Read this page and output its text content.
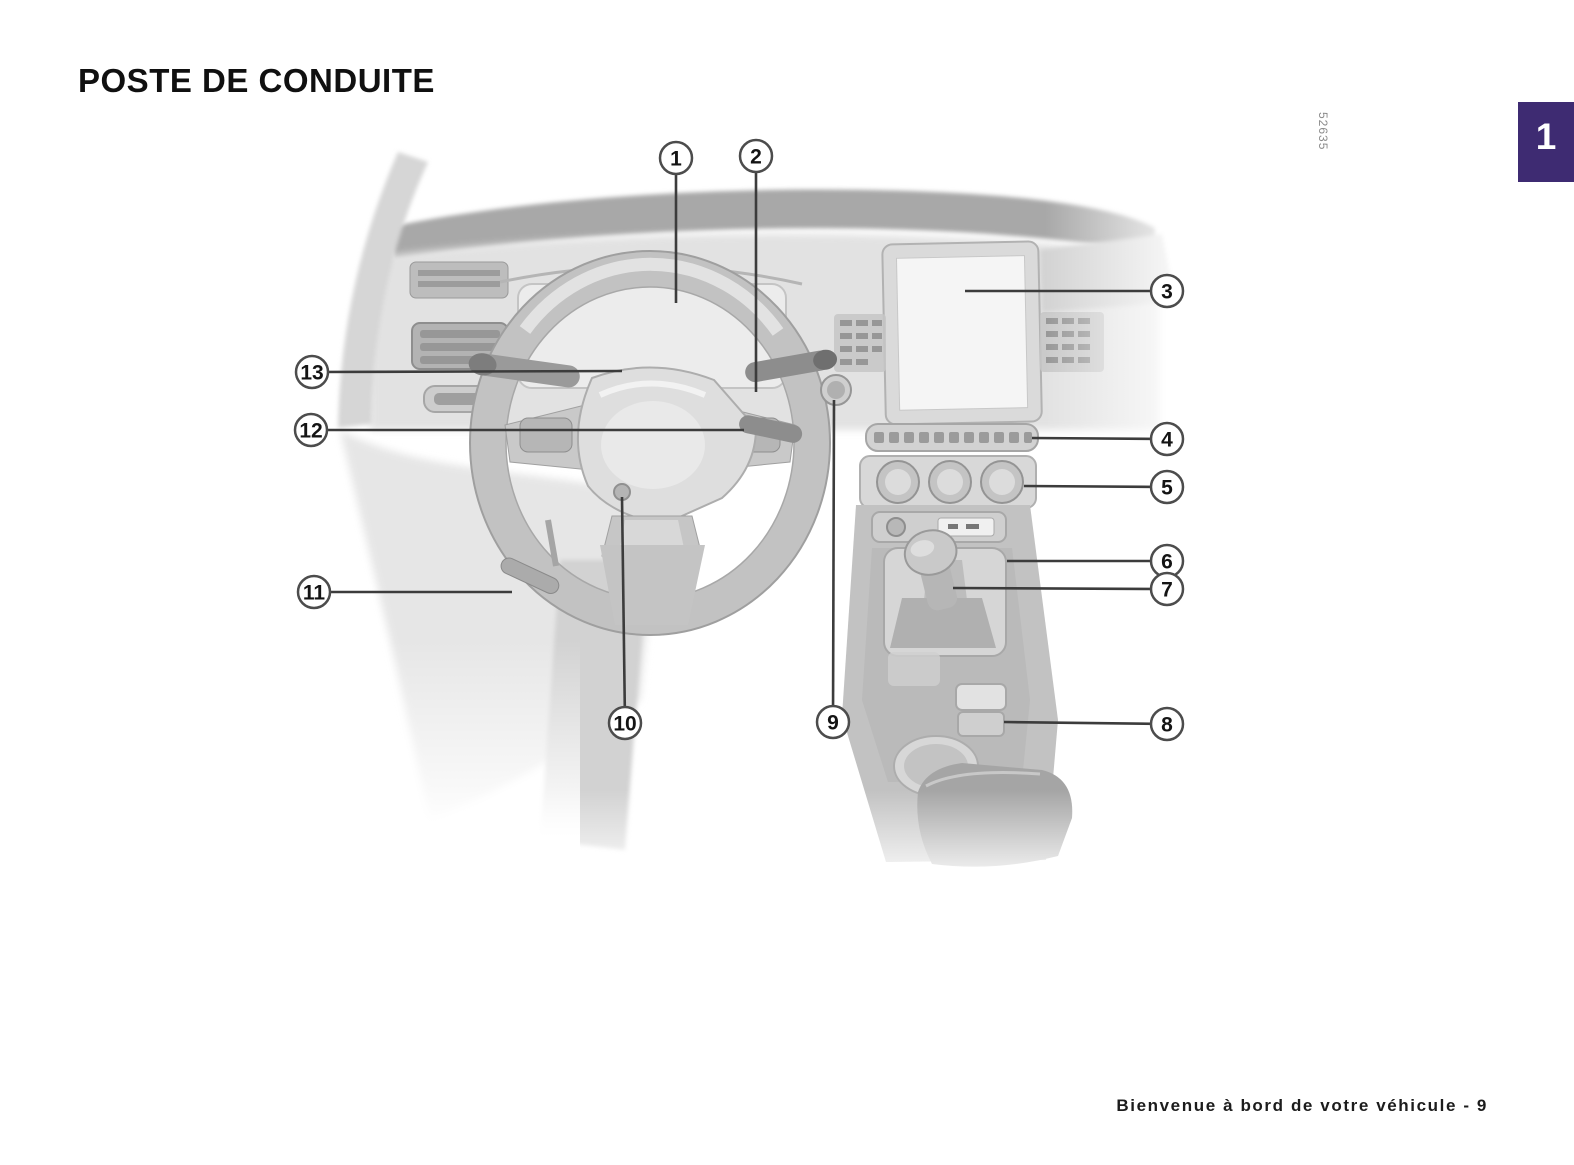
POSTE DE CONDUITE
1
52635
1	2
3
4
5
6
7
8
9
10
11
12
13
Bienvenue à bord de votre véhicule - 9
